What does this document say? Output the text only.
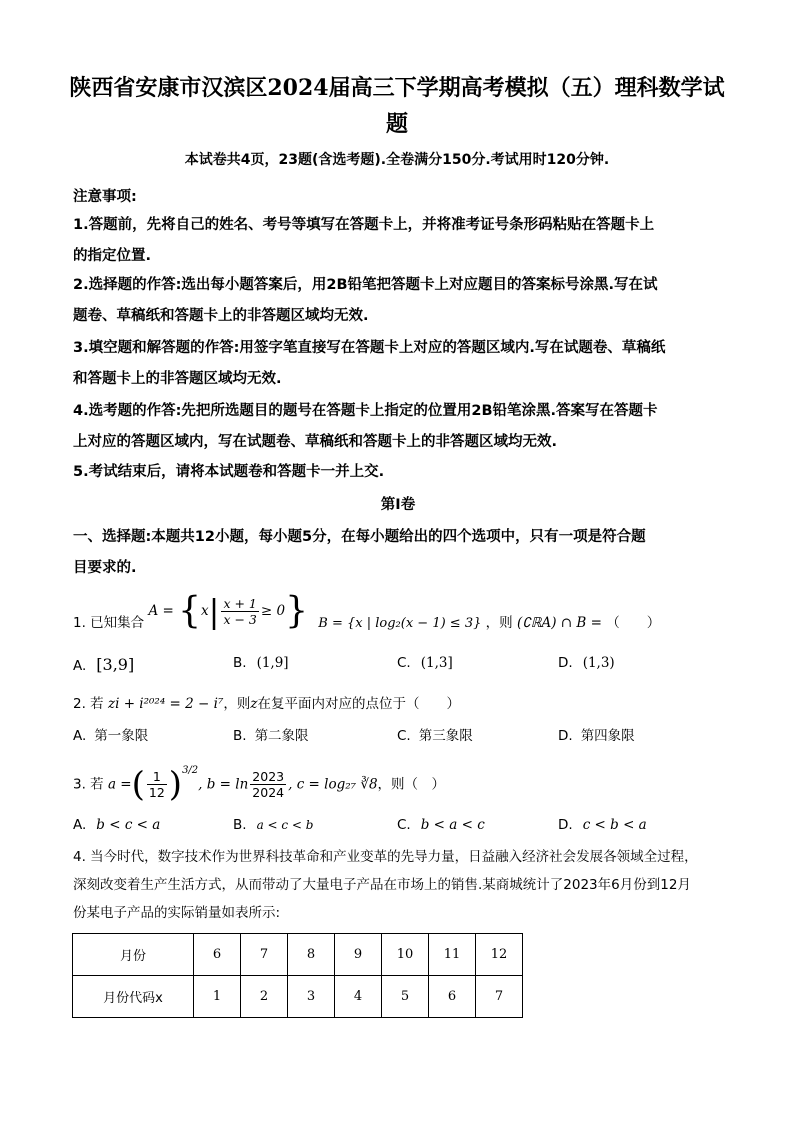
陕西省安康市汉滨区2024届高三下学期高考模拟（五）理科数学试
题
本试卷共4页，23题(含选考题).全卷满分150分.考试用时120分钟.
注意事项:
1.答题前，先将自己的姓名、考号等填写在答题卡上，并将准考证号条形码粘贴在答题卡上
的指定位置.
2.选择题的作答:选出每小题答案后，用2B铅笔把答题卡上对应题目的答案标号涂黑.写在试
题卷、草稿纸和答题卡上的非答题区域均无效.
3.填空题和解答题的作答:用签字笔直接写在答题卡上对应的答题区域内.写在试题卷、草稿纸
和答题卡上的非答题区域均无效.
4.选考题的作答:先把所选题目的题号在答题卡上指定的位置用2B铅笔涂黑.答案写在答题卡
上对应的答题区域内，写在试题卷、草稿纸和答题卡上的非答题区域均无效.
5.考试结束后，请将本试题卷和答题卡一并上交.
第I卷
一、选择题:本题共12小题，每小题5分，在每小题给出的四个选项中，只有一项是符合题
目要求的.
1. 已知集合 $A = \{x| \frac{x + 1}{x - 3} \ge 0\}$ B = {x | log₂(x − 1) ≤ 3} ，则 (∁ℝA) ∩ B = （　　）
A. [3,9]	B. (1,9]	C. (1,3]	D. (1,3)
2. 若 zi + i²⁰²⁴ = 2 − i⁷，则z在复平面内对应的点位于（　　）
A. 第一象限	B. 第二象限	C. 第三象限	D. 第四象限
3. 若 a =( $\frac{1}{12} )^{3/2}$, $b = \ln \frac{2023}{2024}$ , c = log₂₇ ∛8，则（　）
A. b < c < a	B. a < c < b	C. b < a < c	D. c < b < a
4. 当今时代，数字技术作为世界科技革命和产业变革的先导力量，日益融入经济社会发展各领域全过程，
深刻改变着生产生活方式，从而带动了大量电子产品在市场上的销售.某商城统计了2023年6月份到12月
份某电子产品的实际销量如表所示:
月份	6	7	8	9	10	11	12
月份代码x	1	2	3	4	5	6	7
